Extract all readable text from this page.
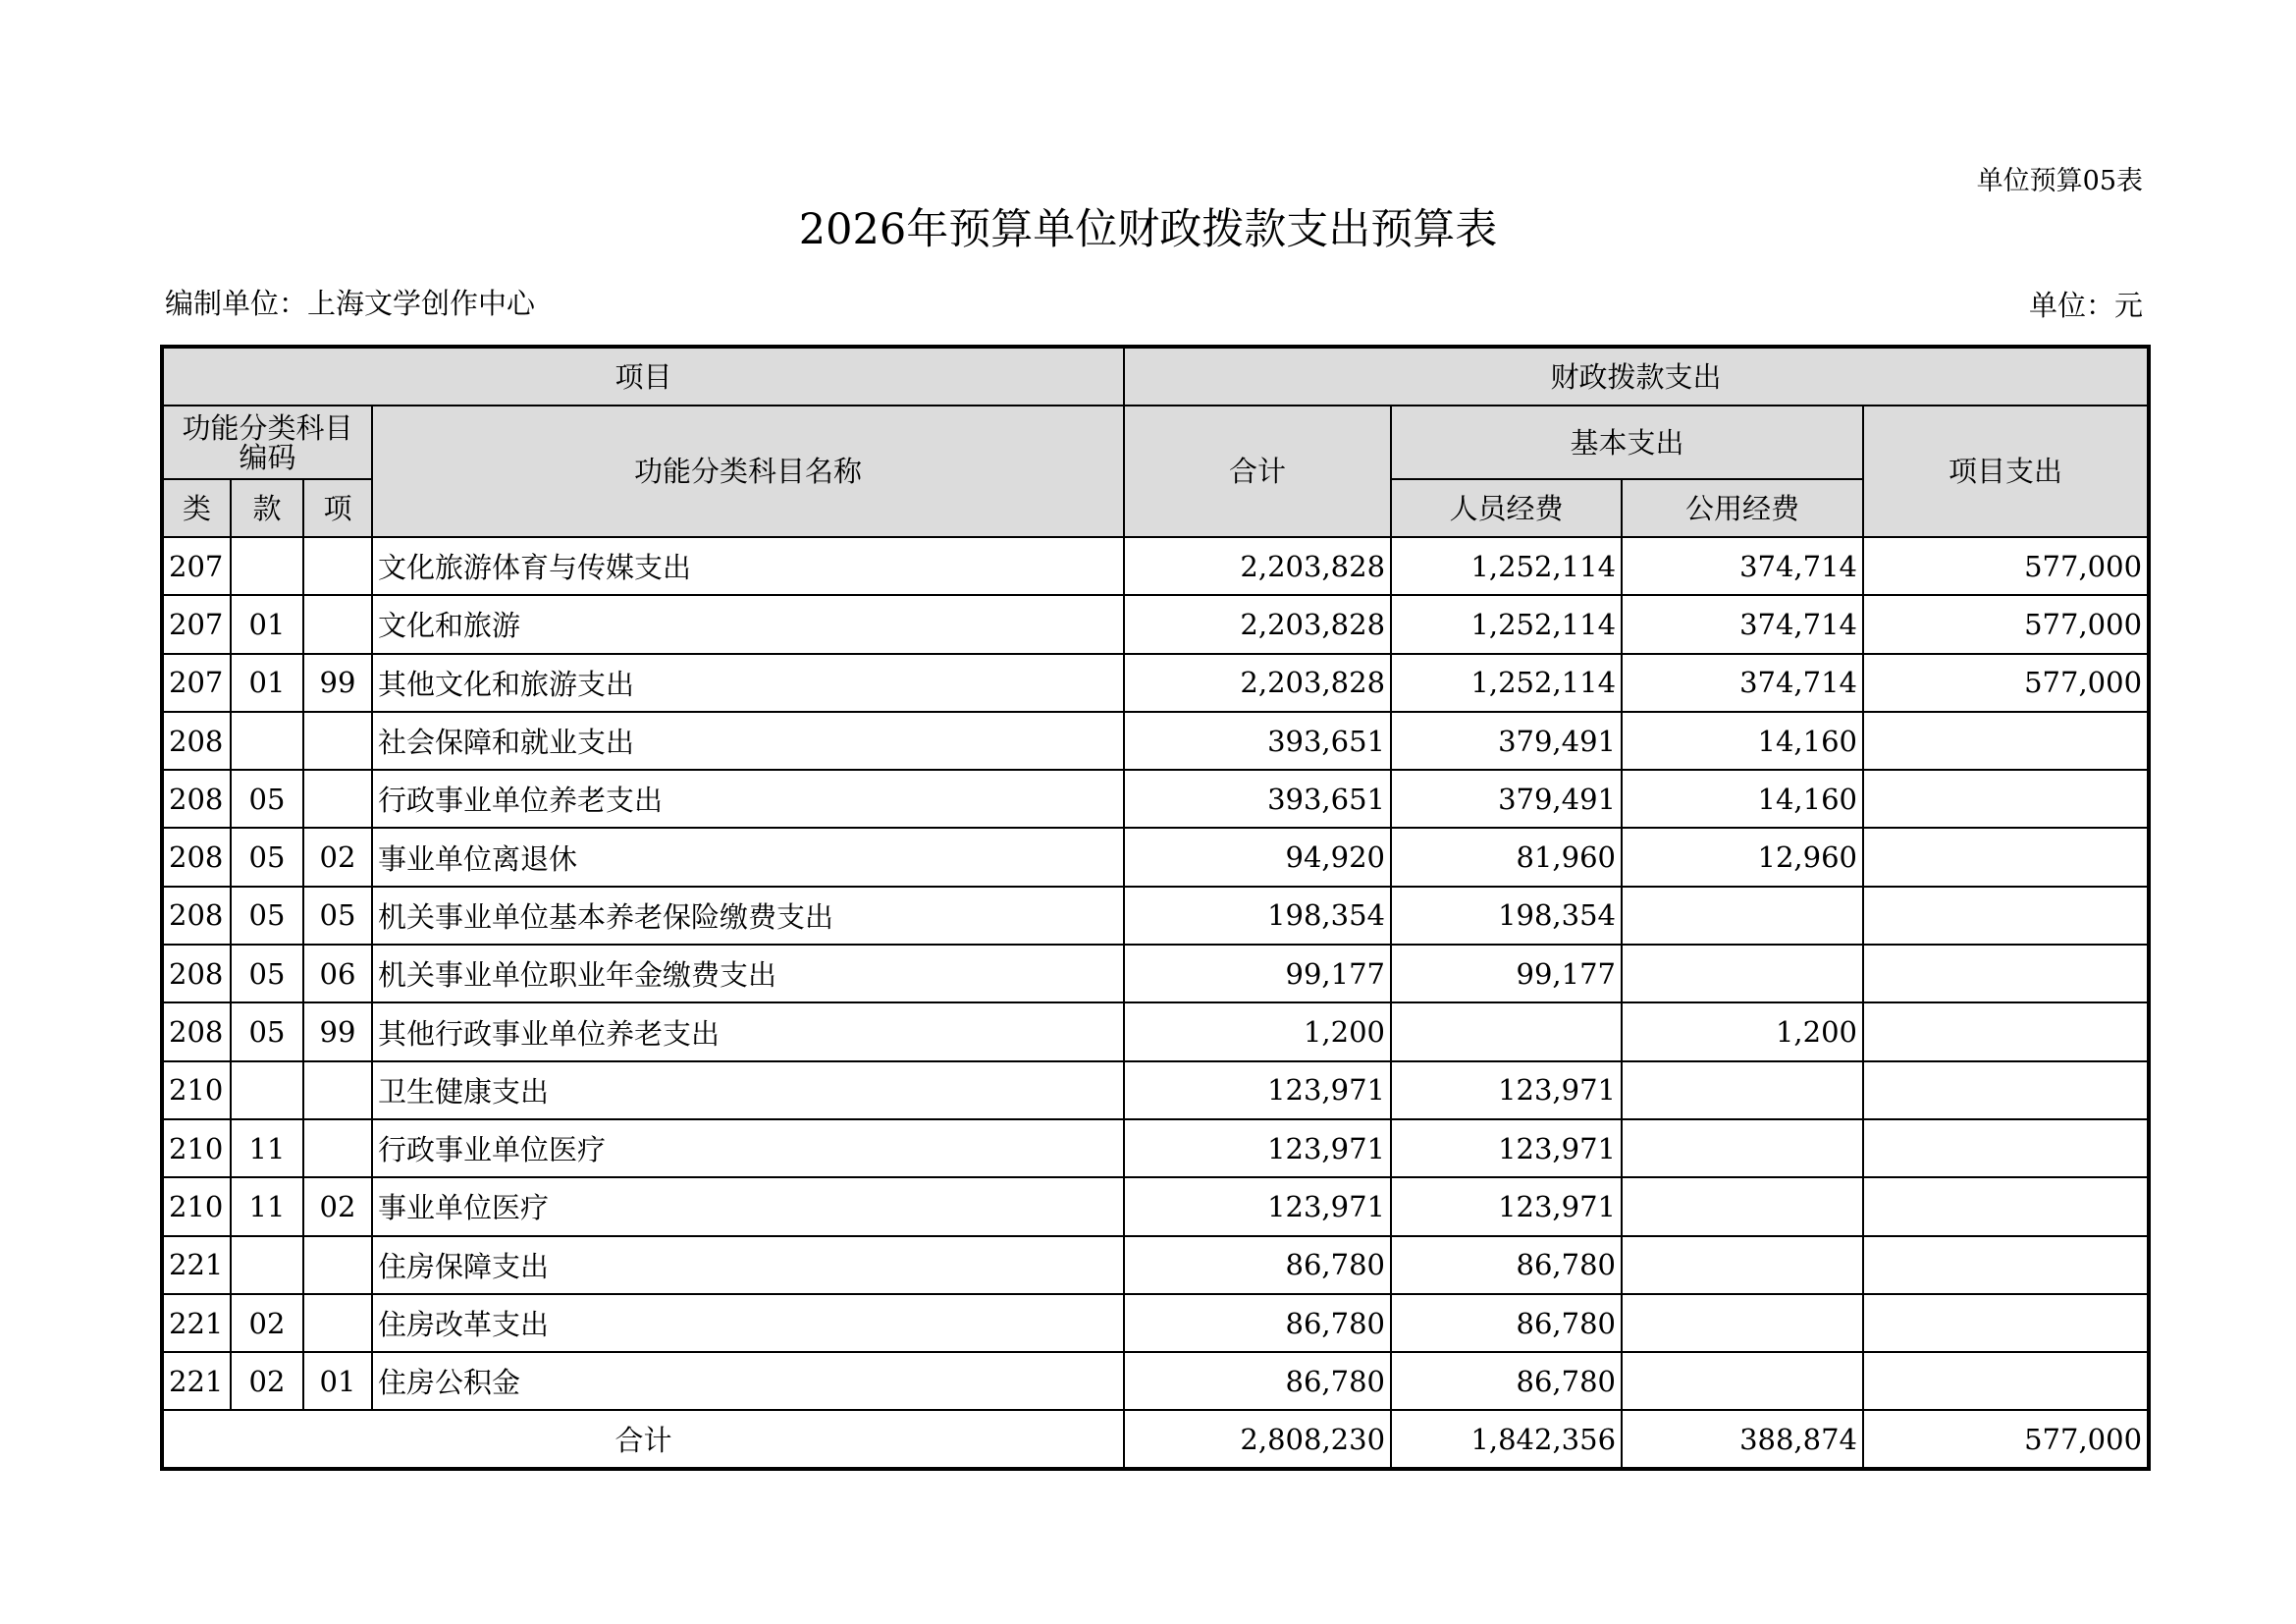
单位预算05表
2026年预算单位财政拨款支出预算表
编制单位：上海文学创作中心	单位：元
项目				财政拨款支出			
功能分类科目编码			功能分类科目名称	合计	基本支出		项目支出
类	款	项			人员经费	公用经费	
207			文化旅游体育与传媒支出	2,203,828	1,252,114	374,714	577,000
207	01		文化和旅游	2,203,828	1,252,114	374,714	577,000
207	01	99	其他文化和旅游支出	2,203,828	1,252,114	374,714	577,000
208			社会保障和就业支出	393,651	379,491	14,160	
208	05		行政事业单位养老支出	393,651	379,491	14,160	
208	05	02	事业单位离退休	94,920	81,960	12,960	
208	05	05	机关事业单位基本养老保险缴费支出	198,354	198,354		
208	05	06	机关事业单位职业年金缴费支出	99,177	99,177		
208	05	99	其他行政事业单位养老支出	1,200		1,200	
210			卫生健康支出	123,971	123,971		
210	11		行政事业单位医疗	123,971	123,971		
210	11	02	事业单位医疗	123,971	123,971		
221			住房保障支出	86,780	86,780		
221	02		住房改革支出	86,780	86,780		
221	02	01	住房公积金	86,780	86,780		
合计				2,808,230	1,842,356	388,874	577,000
